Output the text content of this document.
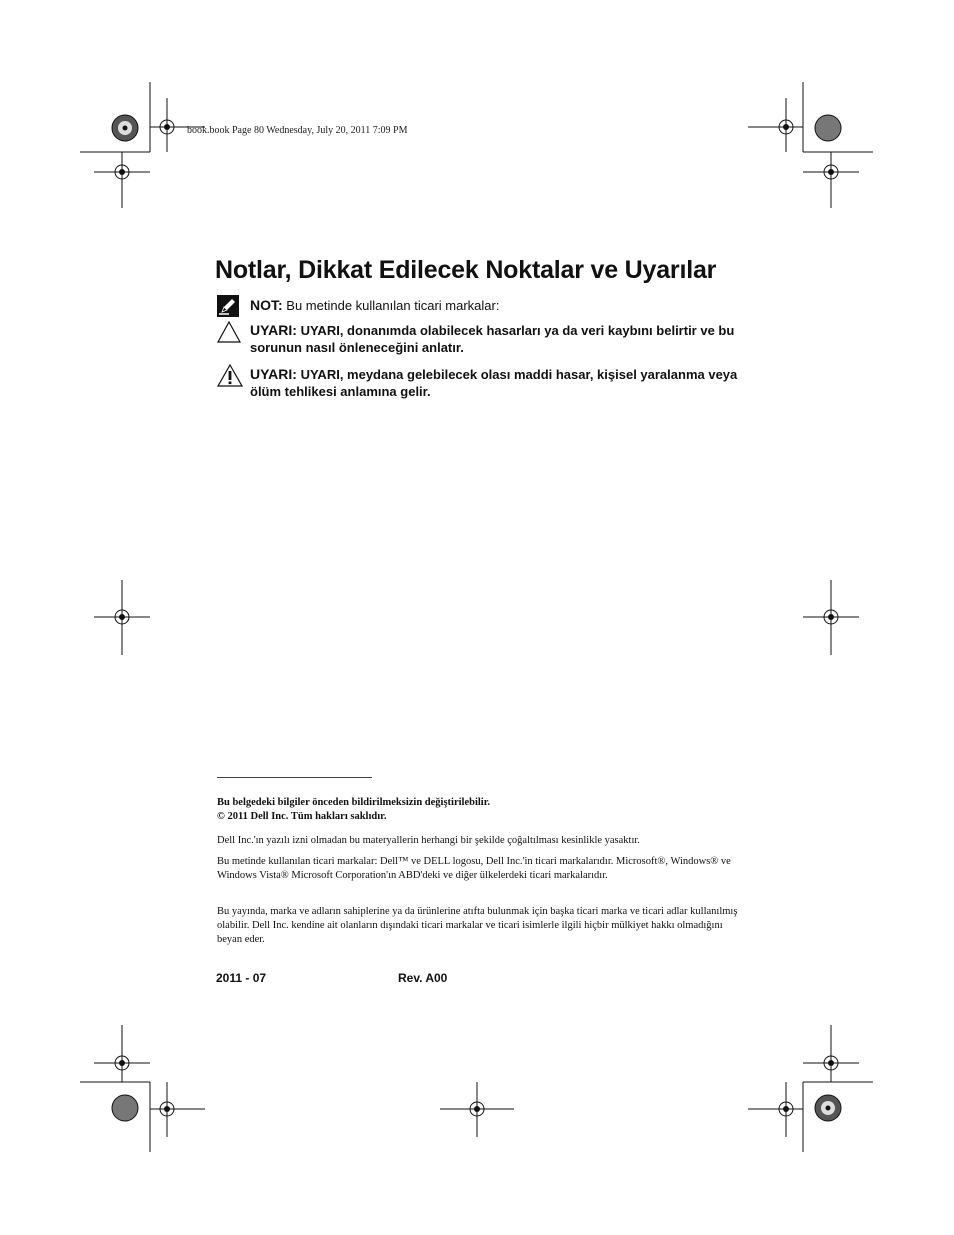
book.book Page 80 Wednesday, July 20, 2011 7:09 PM
Notlar, Dikkat Edilecek Noktalar ve Uyarılar
NOT: Bu metinde kullanılan ticari markalar:
UYARI: UYARI, donanımda olabilecek hasarları ya da veri kaybını belirtir ve bu sorunun nasıl önleneceğini anlatır.
UYARI: UYARI, meydana gelebilecek olası maddi hasar, kişisel yaralanma veya ölüm tehlikesi anlamına gelir.

Bu belgedeki bilgiler önceden bildirilmeksizin değiştirilebilir.

© 2011 Dell Inc. Tüm hakları saklıdır.

Dell Inc.'ın yazılı izni olmadan bu materyallerin herhangi bir şekilde çoğaltılması kesinlikle yasaktır.

Bu metinde kullanılan ticari markalar: Dell™ ve DELL logosu, Dell Inc.'in ticari markalarıdır. Microsoft®, Windows® ve Windows Vista® Microsoft Corporation'ın ABD'deki ve diğer ülkelerdeki ticari markalarıdır.

Bu yayında, marka ve adların sahiplerine ya da ürünlerine atıfta bulunmak için başka ticari marka ve ticari adlar kullanılmış olabilir. Dell Inc. kendine ait olanların dışındaki ticari markalar ve ticari isimlerle ilgili hiçbir mülkiyet hakkı olmadığını beyan eder.

2011 - 07	Rev. A00
